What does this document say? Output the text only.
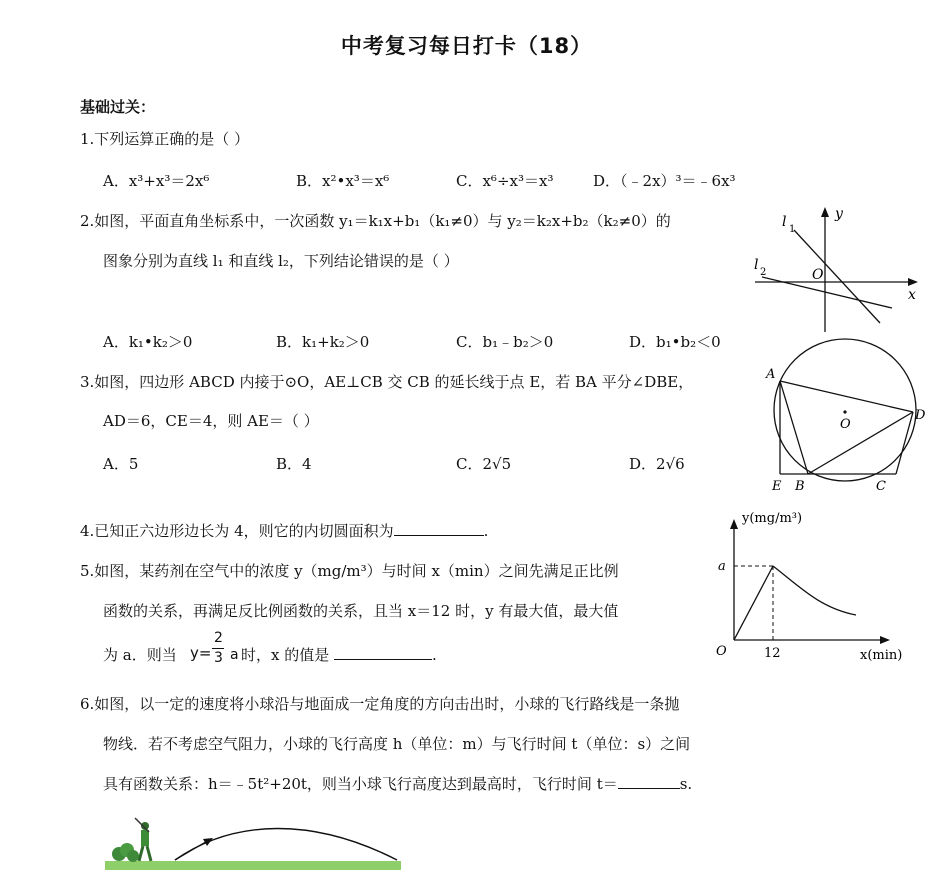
中考复习每日打卡（18）
基础过关：
1.下列运算正确的是（ ）
A．x³+x³＝2x⁶	B．x²•x³＝x⁶	C．x⁶÷x³＝x³	D．（﹣2x）³＝﹣6x³
2.如图，平面直角坐标系中，一次函数 y₁＝k₁x+b₁（k₁≠0）与 y₂＝k₂x+b₂（k₂≠0）的
图象分别为直线 l₁ 和直线 l₂，下列结论错误的是（ ）
A．k₁•k₂＞0	B．k₁+k₂＞0	C．b₁﹣b₂＞0	D．b₁•b₂＜0
y
x
O
l 1
l 2
3.如图，四边形 ABCD 内接于⊙O，AE⊥CB 交 CB 的延长线于点 E，若 BA 平分∠DBE，
AD＝6，CE＝4，则 AE＝（ ）
A．5	B．4	C．2√5	D．2√6
A
D
O
E B	C
4.已知正六边形边长为 4，则它的内切圆面积为	.
5.如图，某药剂在空气中的浓度 y（mg/m³）与时间 x（min）之间先满足正比例
函数的关系，再满足反比例函数的关系，且当 x＝12 时，y 有最大值，最大值
为 a．则当 y=
2
3 a 时，x 的值是	.
y(mg/m³)
x(min)
a
12
O
6.如图，以一定的速度将小球沿与地面成一定角度的方向击出时，小球的飞行路线是一条抛
物线．若不考虑空气阻力，小球的飞行高度 h（单位：m）与飞行时间 t（单位：s）之间
具有函数关系：h＝﹣5t²+20t，则当小球飞行高度达到最高时，飞行时间 t＝	s.
